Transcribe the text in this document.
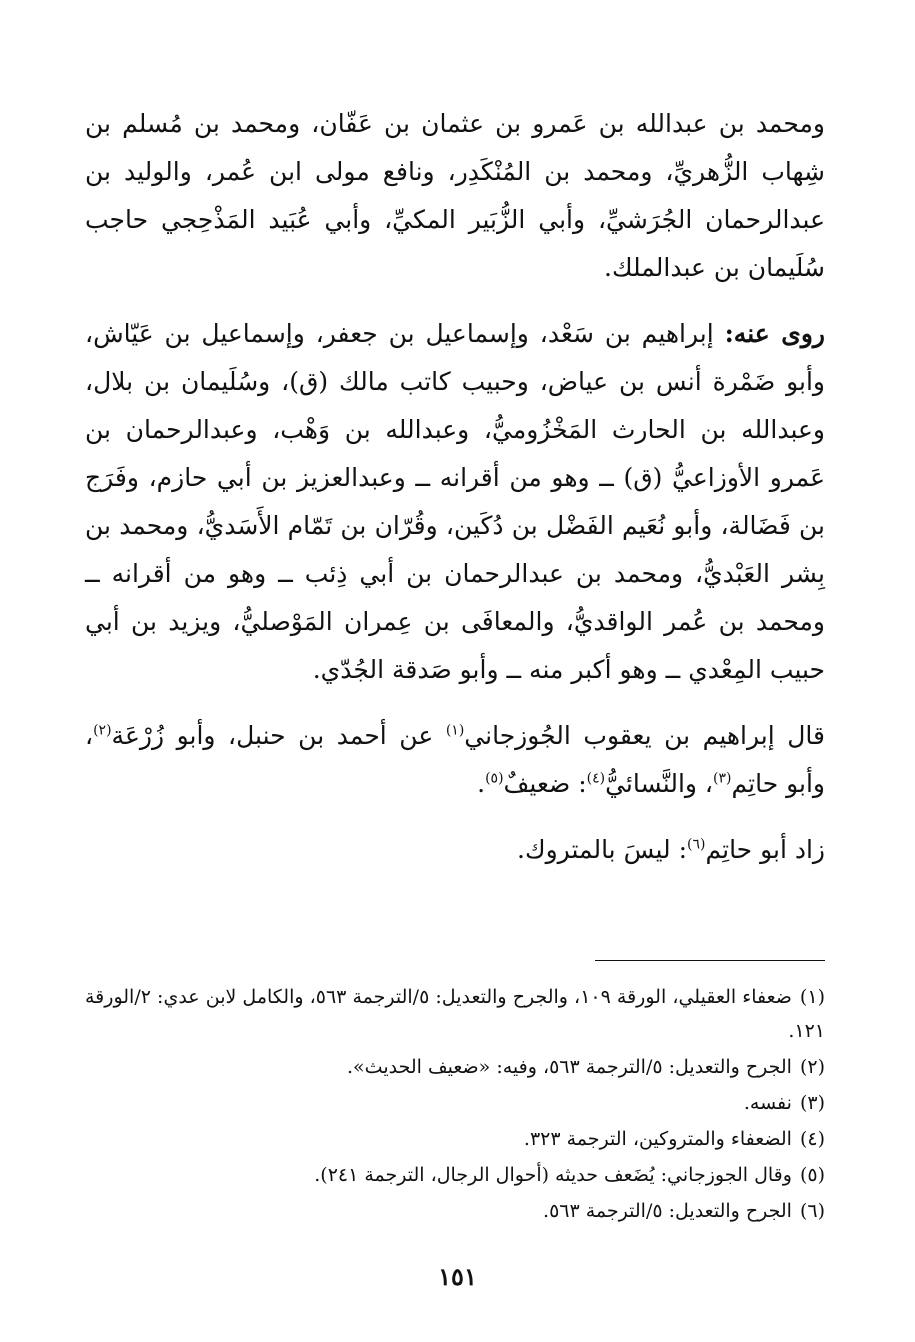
ومحمد بن عبدالله بن عَمرو بن عثمان بن عَفّان، ومحمد بن مُسلم بن شِهاب الزُّهريِّ، ومحمد بن المُنْكَدِر، ونافع مولى ابن عُمر، والوليد بن عبدالرحمان الجُرَشيِّ، وأبي الزُّبَير المكيِّ، وأبي عُبَيد المَذْحِجي حاجب سُلَيمان بن عبدالملك.

روى عنه: إبراهيم بن سَعْد، وإسماعيل بن جعفر، وإسماعيل بن عَيّاش، وأبو ضَمْرة أنس بن عياض، وحبيب كاتب مالك (ق)، وسُلَيمان بن بلال، وعبدالله بن الحارث المَخْزُوميُّ، وعبدالله بن وَهْب، وعبدالرحمان بن عَمرو الأوزاعيُّ (ق) ــ وهو من أقرانه ــ وعبدالعزيز بن أبي حازم، وفَرَج بن فَضَالة، وأبو نُعَيم الفَضْل بن دُكَين، وقُرّان بن تَمّام الأَسَديُّ، ومحمد بن بِشر العَبْديُّ، ومحمد بن عبدالرحمان بن أبي ذِئب ــ وهو من أقرانه ــ ومحمد بن عُمر الواقديُّ، والمعافَى بن عِمران المَوْصليُّ، ويزيد بن أبي حبيب المِعْدي ــ وهو أكبر منه ــ وأبو صَدقة الجُدّي.

قال إبراهيم بن يعقوب الجُوزجاني$^{(١)}$ عن أحمد بن حنبل، وأبو زُرْعَة$^{(٢)}$، وأبو حاتِم$^{(٣)}$، والنَّسائيُّ$^{(٤)}$: ضعيفٌ$^{(٥)}$.

زاد أبو حاتِم$^{(٦)}$: ليسَ بالمتروك.

(١)ضعفاء العقيلي، الورقة ١٠٩، والجرح والتعديل: ٥/الترجمة ٥٦٣، والكامل لابن عدي: ٢/الورقة ١٢١.

(٢)الجرح والتعديل: ٥/الترجمة ٥٦٣، وفيه: «ضعيف الحديث».

(٣)نفسه.

(٤)الضعفاء والمتروكين، الترجمة ٣٢٣.

(٥)وقال الجوزجاني: يُضَعف حديثه (أحوال الرجال، الترجمة ٢٤١).

(٦)الجرح والتعديل: ٥/الترجمة ٥٦٣.

١٥١
